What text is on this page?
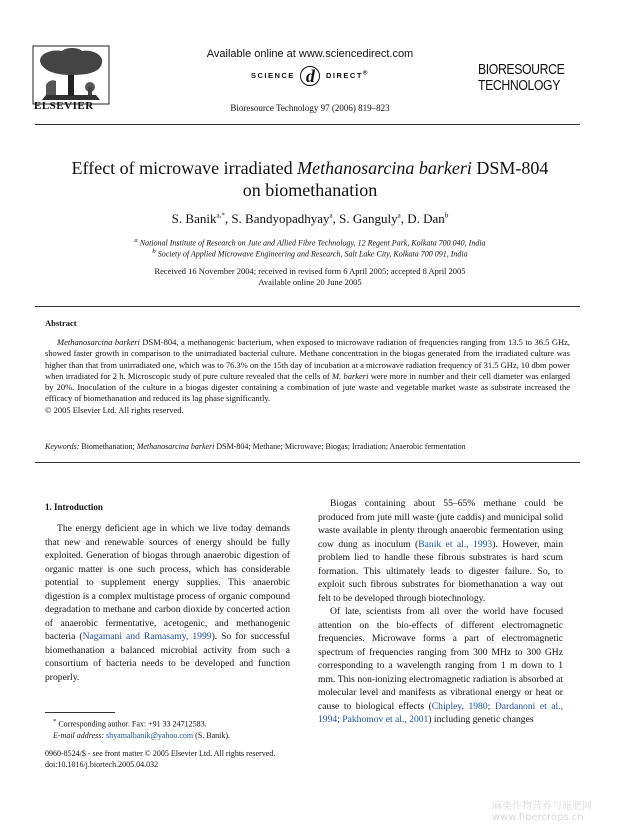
ELSEVIER
Available online at www.sciencedirect.com
SCIENCE d DIRECT®
Bioresource Technology 97 (2006) 819–823
BIORESOURCE
TECHNOLOGY
Effect of microwave irradiated Methanosarcina barkeri DSM-804
on biomethanation
S. Banik$^{a,*}$, S. Bandyopadhyay$^a$, S. Ganguly$^a$, D. Dan$^b$
$^a$ National Institute of Research on Jute and Allied Fibre Technology, 12 Regent Park, Kolkata 700 040, India
$^b$ Society of Applied Microwave Engineering and Research, Salt Lake City, Kolkata 700 091, India
Received 16 November 2004; received in revised form 6 April 2005; accepted 8 April 2005
Available online 20 June 2005
Abstract
Methanosarcina barkeri DSM-804, a methanogenic bacterium, when exposed to microwave radiation of frequencies ranging from 13.5 to 36.5 GHz, showed faster growth in comparison to the unirradiated bacterial culture. Methane concentration in the biogas generated from the irradiated culture was higher than that from unirradiated one, which was to 76.3% on the 15th day of incubation at a microwave radiation frequency of 31.5 GHz, 10 dbm power when irradiated for 2 h. Microscopic study of pure culture revealed that the cells of M. barkeri were more in number and their cell diameter was enlarged by 20%. Inoculation of the culture in a biogas digester containing a combination of jute waste and vegetable market waste as substrate increased the efficacy of biomethanation and reduced its lag phase significantly.
© 2005 Elsevier Ltd. All rights reserved.
Keywords: Biomethanation; Methanosarcina barkeri DSM-804; Methane; Microwave; Biogas; Irradiation; Anaerobic fermentation
1. Introduction

The energy deficient age in which we live today demands that new and renewable sources of energy should be fully exploited. Generation of biogas through anaerobic digestion of organic matter is one such process, which has considerable potential to supplement energy supplies. This anaerobic digestion is a complex multistage process of organic compound degradation to methane and carbon dioxide by concerted action of anaerobic fermentative, acetogenic, and methanogenic bacteria (Nagamani and Ramasamy, 1999). So for successful biomethanation a balanced microbial activity from such a consortium of bacteria needs to be developed and function properly.

Biogas containing about 55–65% methane could be produced from jute mill waste (jute caddis) and municipal solid waste available in plenty through anaerobic fermentation using cow dung as inoculum (Banik et al., 1993). However, main problem lied to handle these fibrous substrates is hard scum formation. This ultimately leads to digester failure. So, to exploit such fibrous substrates for biomethanation a way out felt to be developed through biotechnology.

Of late, scientists from all over the world have focused attention on the bio-effects of different electromagnetic frequencies. Microwave forms a part of electromagnetic spectrum of frequencies ranging from 300 MHz to 300 GHz corresponding to a wavelength ranging from 1 m down to 1 mm. This non-ionizing electromagnetic radiation is absorbed at molecular level and manifests as vibrational energy or heat or cause to biological effects (Chipley, 1980; Dardanoni et al., 1994; Pakhomov et al., 2001) including genetic changes

* Corresponding author. Fax: +91 33 24712583.
E-mail address: shyamalbanik@yahoo.com (S. Banik).
0960-8524/$ - see front matter © 2005 Elsevier Ltd. All rights reserved.
doi:10.1016/j.biortech.2005.04.032
麻类作物营养与施肥网 www.fibercrops.cn
